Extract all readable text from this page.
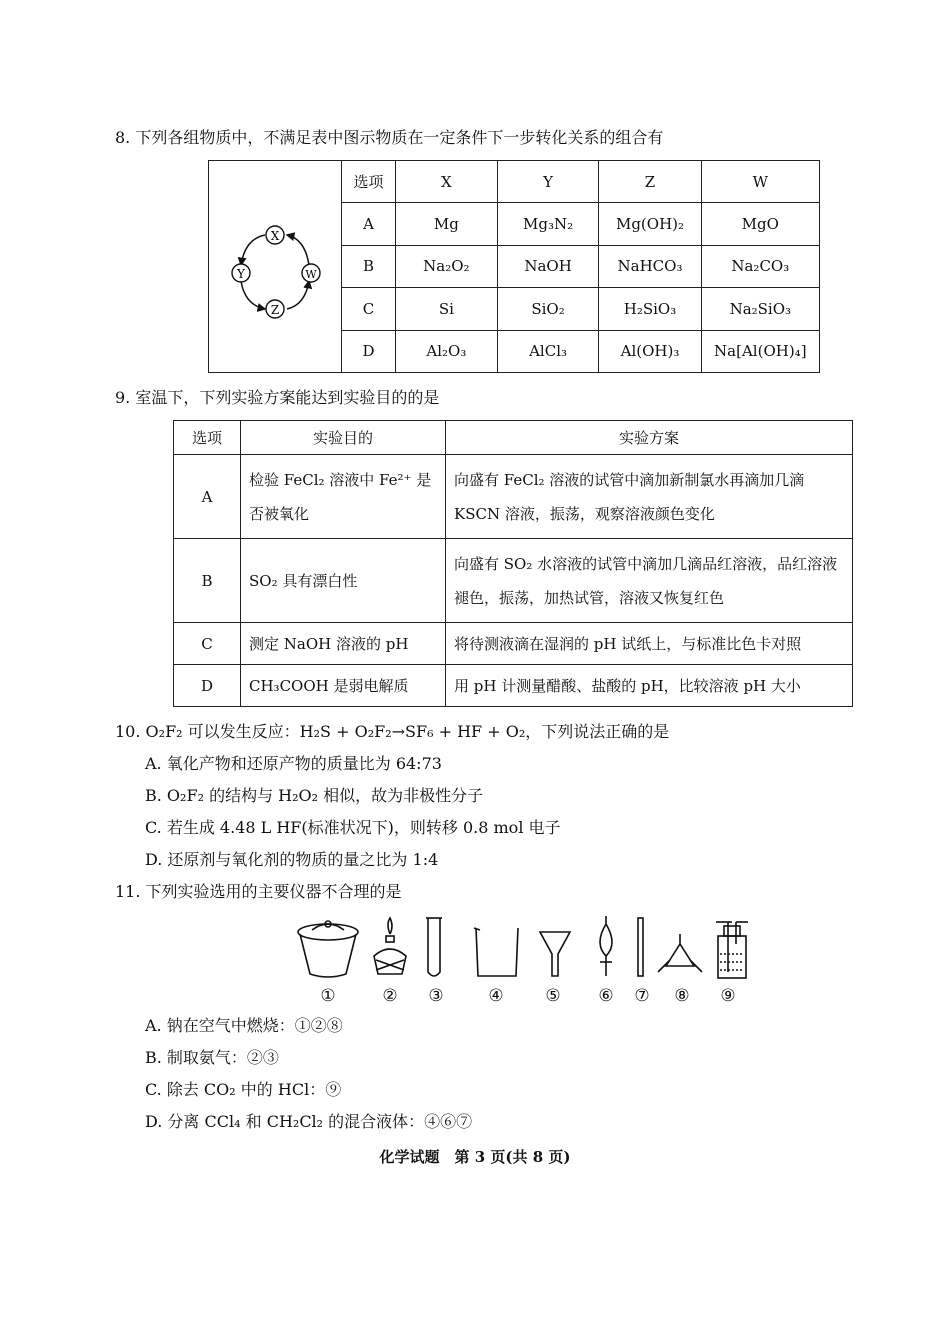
8. 下列各组物质中，不满足表中图示物质在一定条件下一步转化关系的组合有
X
Y W
Z	选项	X	Y	Z	W
	A	Mg	Mg₃N₂	Mg(OH)₂	MgO
	B	Na₂O₂	NaOH	NaHCO₃	Na₂CO₃
	C	Si	SiO₂	H₂SiO₃	Na₂SiO₃
	D	Al₂O₃	AlCl₃	Al(OH)₃	Na[Al(OH)₄]
9. 室温下，下列实验方案能达到实验目的的是
选项	实验目的	实验方案
A	检验 FeCl₂ 溶液中 Fe²⁺ 是否被氧化	向盛有 FeCl₂ 溶液的试管中滴加新制氯水再滴加几滴 KSCN 溶液，振荡，观察溶液颜色变化
B	SO₂ 具有漂白性	向盛有 SO₂ 水溶液的试管中滴加几滴品红溶液，品红溶液褪色，振荡，加热试管，溶液又恢复红色
C	测定 NaOH 溶液的 pH	将待测液滴在湿润的 pH 试纸上，与标准比色卡对照
D	CH₃COOH 是弱电解质	用 pH 计测量醋酸、盐酸的 pH，比较溶液 pH 大小
10. O₂F₂ 可以发生反应：H₂S + O₂F₂→SF₆ + HF + O₂，下列说法正确的是
A. 氧化产物和还原产物的质量比为 64:73
B. O₂F₂ 的结构与 H₂O₂ 相似，故为非极性分子
C. 若生成 4.48 L HF(标准状况下)，则转移 0.8 mol 电子
D. 还原剂与氧化剂的物质的量之比为 1:4
11. 下列实验选用的主要仪器不合理的是
①	② ③	④ ⑤ ⑥ ⑦ ⑧ ⑨
A. 钠在空气中燃烧：①②⑧
B. 制取氨气：②③
C. 除去 CO₂ 中的 HCl：⑨
D. 分离 CCl₄ 和 CH₂Cl₂ 的混合液体：④⑥⑦
化学试题　第 3 页(共 8 页)
